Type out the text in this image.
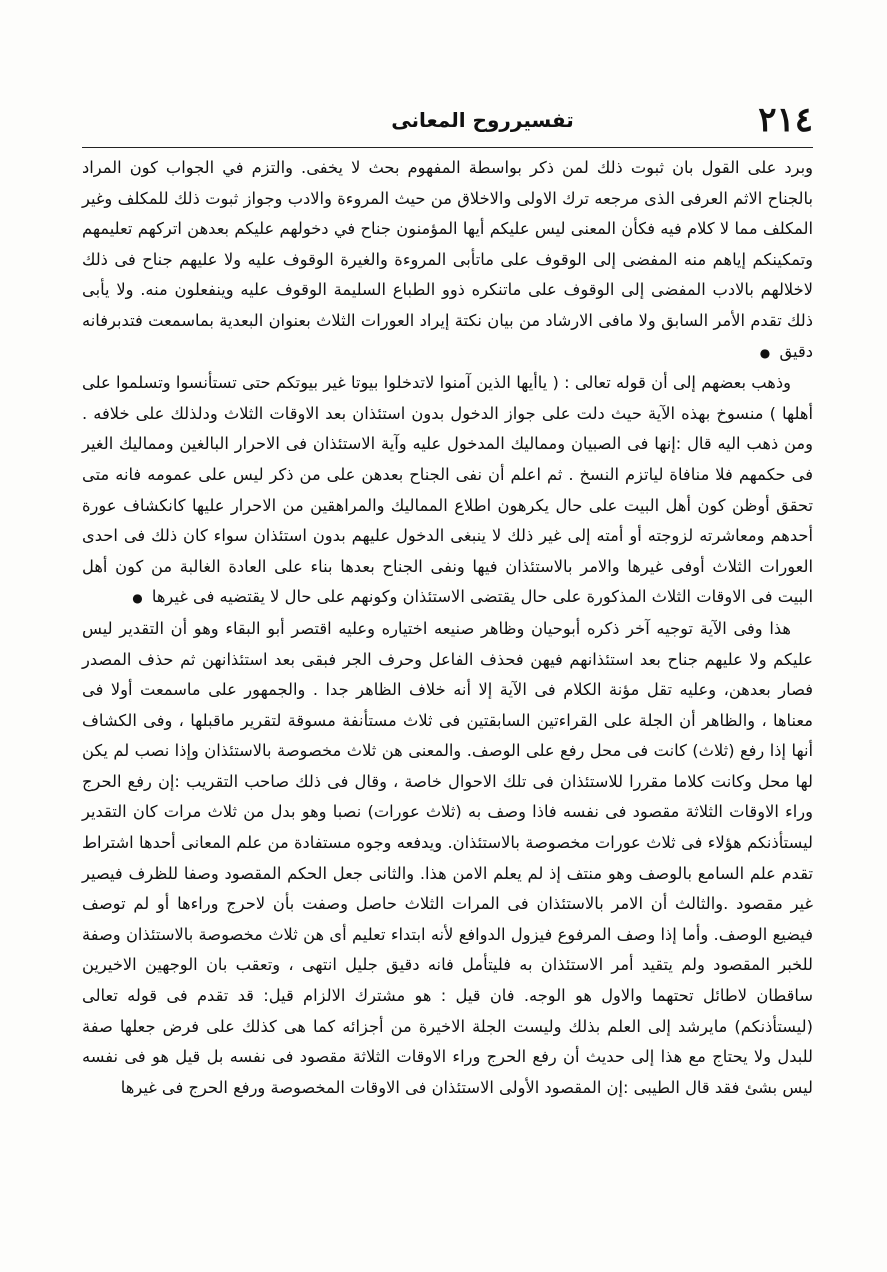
٢١٤
تفسيرروح المعانى

وبرد على القول بان ثبوت ذلك لمن ذكر بواسطة المفهوم بحث لا يخفى. والتزم في الجواب كون المراد بالجناح الاثم العرفى الذى مرجعه ترك الاولى والاخلاق من حيث المروءة والادب وجواز ثبوت ذلك للمكلف وغير المكلف مما لا كلام فيه فكأن المعنى ليس عليكم أيها المؤمنون جناح في دخولهم عليكم بعدهن اتركهم تعليمهم وتمكينكم إياهم منه المفضى إلى الوقوف على ماتأبى المروءة والغيرة الوقوف عليه ولا عليهم جناح فى ذلك لاخلالهم بالادب المفضى إلى الوقوف على ماتنكره ذوو الطباع السليمة الوقوف عليه وينفعلون منه. ولا يأبى ذلك تقدم الأمر السابق ولا مافى الارشاد من بيان نكتة إيراد العورات الثلاث بعنوان البعدية بماسمعت فتدبرفانه دقيق ●

وذهب بعضهم إلى أن قوله تعالى : ( ياأيها الذين آمنوا لاتدخلوا بيوتا غير بيوتكم حتى تستأنسوا وتسلموا على أهلها ) منسوخ بهذه الآية حيث دلت على جواز الدخول بدون استئذان بعد الاوقات الثلاث ودلذلك على خلافه . ومن ذهب اليه قال :إنها فى الصبيان ومماليك المدخول عليه وآية الاستئذان فى الاحرار البالغين ومماليك الغير فى حكمهم فلا منافاة لياتزم النسخ . ثم اعلم أن نفى الجناح بعدهن على من ذكر ليس على عمومه فانه متى تحقق أوظن كون أهل البيت على حال يكرهون اطلاع المماليك والمراهقين من الاحرار عليها كانكشاف عورة أحدهم ومعاشرته لزوجته أو أمته إلى غير ذلك لا ينبغى الدخول عليهم بدون استئذان سواء كان ذلك فى احدى العورات الثلاث أوفى غيرها والامر بالاستئذان فيها ونفى الجناح بعدها بناء على العادة الغالبة من كون أهل البيت فى الاوقات الثلاث المذكورة على حال يقتضى الاستئذان وكونهم على حال لا يقتضيه فى غيرها ●

هذا وفى الآية توجيه آخر ذكره أبوحيان وظاهر صنيعه اختياره وعليه اقتصر أبو البقاء وهو أن التقدير ليس عليكم ولا عليهم جناح بعد استئذانهم فيهن فحذف الفاعل وحرف الجر فبقى بعد استئذانهن ثم حذف المصدر فصار بعدهن، وعليه تقل مؤنة الكلام فى الآية إلا أنه خلاف الظاهر جدا . والجمهور على ماسمعت أولا فى معناها ، والظاهر أن الجلة على القراءتين السابقتين فى ثلاث مستأنفة مسوقة لتقرير ماقبلها ، وفى الكشاف أنها إذا رفع (ثلاث) كانت فى محل رفع على الوصف. والمعنى هن ثلاث مخصوصة بالاستئذان وإذا نصب لم يكن لها محل وكانت كلاما مقررا للاستئذان فى تلك الاحوال خاصة ، وقال فى ذلك صاحب التقريب :إن رفع الحرج وراء الاوقات الثلاثة مقصود فى نفسه فاذا وصف به (ثلاث عورات) نصبا وهو بدل من ثلاث مرات كان التقدير ليستأذنكم هؤلاء فى ثلاث عورات مخصوصة بالاستئذان. ويدفعه وجوه مستفادة من علم المعانى أحدها اشتراط تقدم علم السامع بالوصف وهو منتف إذ لم يعلم الامن هذا. والثانى جعل الحكم المقصود وصفا للظرف فيصير غير مقصود .والثالث أن الامر بالاستئذان فى المرات الثلاث حاصل وصفت بأن لاحرج وراءها أو لم توصف فيضيع الوصف. وأما إذا وصف المرفوع فيزول الدوافع لأنه ابتداء تعليم أى هن ثلاث مخصوصة بالاستئذان وصفة للخبر المقصود ولم يتقيد أمر الاستئذان به فليتأمل فانه دقيق جليل انتهى ، وتعقب بان الوجهين الاخيرين ساقطان لاطائل تحتهما والاول هو الوجه. فان قيل : هو مشترك الالزام قيل: قد تقدم فى قوله تعالى (ليستأذنكم) مايرشد إلى العلم بذلك وليست الجلة الاخيرة من أجزائه كما هى كذلك على فرض جعلها صفة للبدل ولا يحتاج مع هذا إلى حديث أن رفع الحرج وراء الاوقات الثلاثة مقصود فى نفسه بل قيل هو فى نفسه ليس بشئ فقد قال الطيبى :إن المقصود الأولى الاستئذان فى الاوقات المخصوصة ورفع الحرج فى غيرها
